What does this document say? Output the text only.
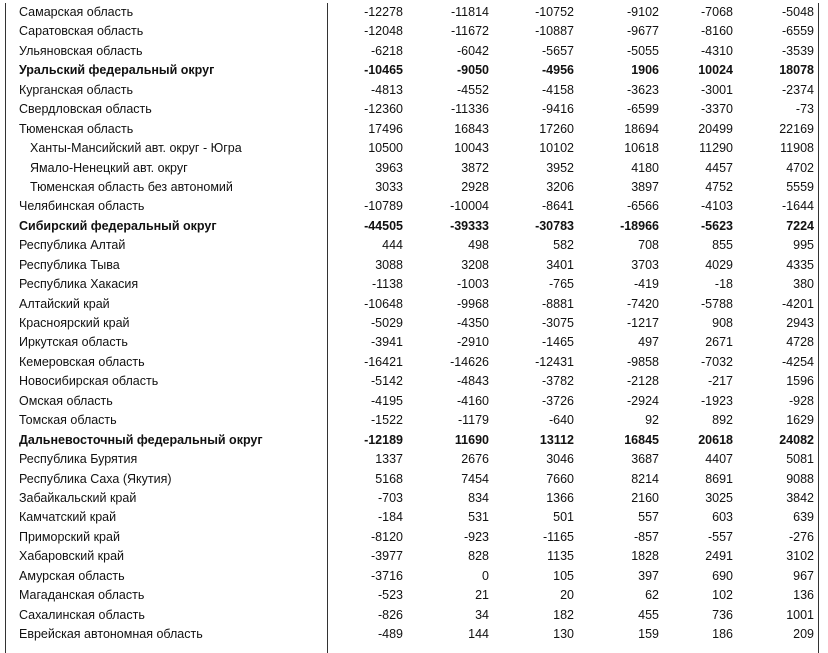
Самарская область	-12278	-11814	-10752	-9102	-7068	-5048
Саратовская область	-12048	-11672	-10887	-9677	-8160	-6559
Ульяновская область	-6218	-6042	-5657	-5055	-4310	-3539
Уральский федеральный округ	-10465	-9050	-4956	1906	10024	18078
Курганская область	-4813	-4552	-4158	-3623	-3001	-2374
Свердловская область	-12360	-11336	-9416	-6599	-3370	-73
Тюменская область	17496	16843	17260	18694	20499	22169
Ханты-Мансийский авт. округ - Югра	10500	10043	10102	10618	11290	11908
Ямало-Ненецкий авт. округ	3963	3872	3952	4180	4457	4702
Тюменская область без автономий	3033	2928	3206	3897	4752	5559
Челябинская область	-10789	-10004	-8641	-6566	-4103	-1644
Сибирский федеральный округ	-44505	-39333	-30783	-18966	-5623	7224
Республика Алтай	444	498	582	708	855	995
Республика Тыва	3088	3208	3401	3703	4029	4335
Республика Хакасия	-1138	-1003	-765	-419	-18	380
Алтайский край	-10648	-9968	-8881	-7420	-5788	-4201
Красноярский край	-5029	-4350	-3075	-1217	908	2943
Иркутская область	-3941	-2910	-1465	497	2671	4728
Кемеровская область	-16421	-14626	-12431	-9858	-7032	-4254
Новосибирская область	-5142	-4843	-3782	-2128	-217	1596
Омская область	-4195	-4160	-3726	-2924	-1923	-928
Томская область	-1522	-1179	-640	92	892	1629
Дальневосточный федеральный округ	-12189	11690	13112	16845	20618	24082
Республика Бурятия	1337	2676	3046	3687	4407	5081
Республика Саха (Якутия)	5168	7454	7660	8214	8691	9088
Забайкальский край	-703	834	1366	2160	3025	3842
Камчатский край	-184	531	501	557	603	639
Приморский край	-8120	-923	-1165	-857	-557	-276
Хабаровский край	-3977	828	1135	1828	2491	3102
Амурская область	-3716	0	105	397	690	967
Магаданская область	-523	21	20	62	102	136
Сахалинская область	-826	34	182	455	736	1001
Еврейская автономная область	-489	144	130	159	186	209
